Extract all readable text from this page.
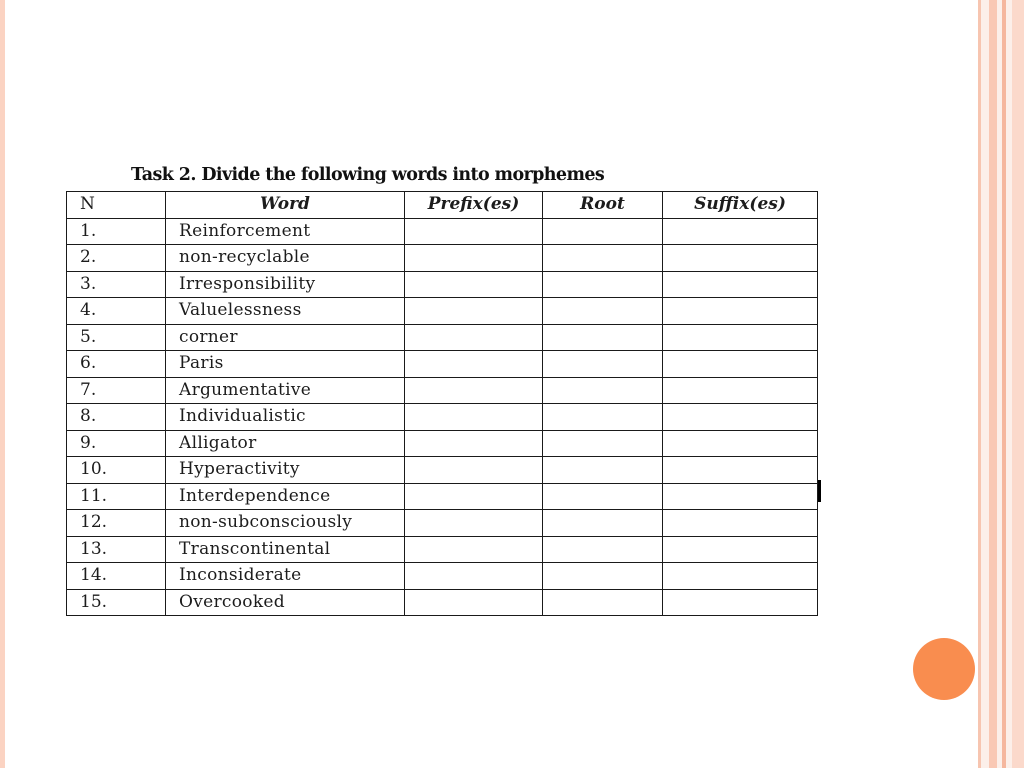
Task 2. Divide the following words into morphemes
N	Word	Prefix(es)	Root	Suffix(es)
1.	Reinforcement			
2.	non-recyclable			
3.	Irresponsibility			
4.	Valuelessness			
5.	corner			
6.	Paris			
7.	Argumentative			
8.	Individualistic			
9.	Alligator			
10.	Hyperactivity			
11.	Interdependence			
12.	non-subconsciously			
13.	Transcontinental			
14.	Inconsiderate			
15.	Overcooked			
